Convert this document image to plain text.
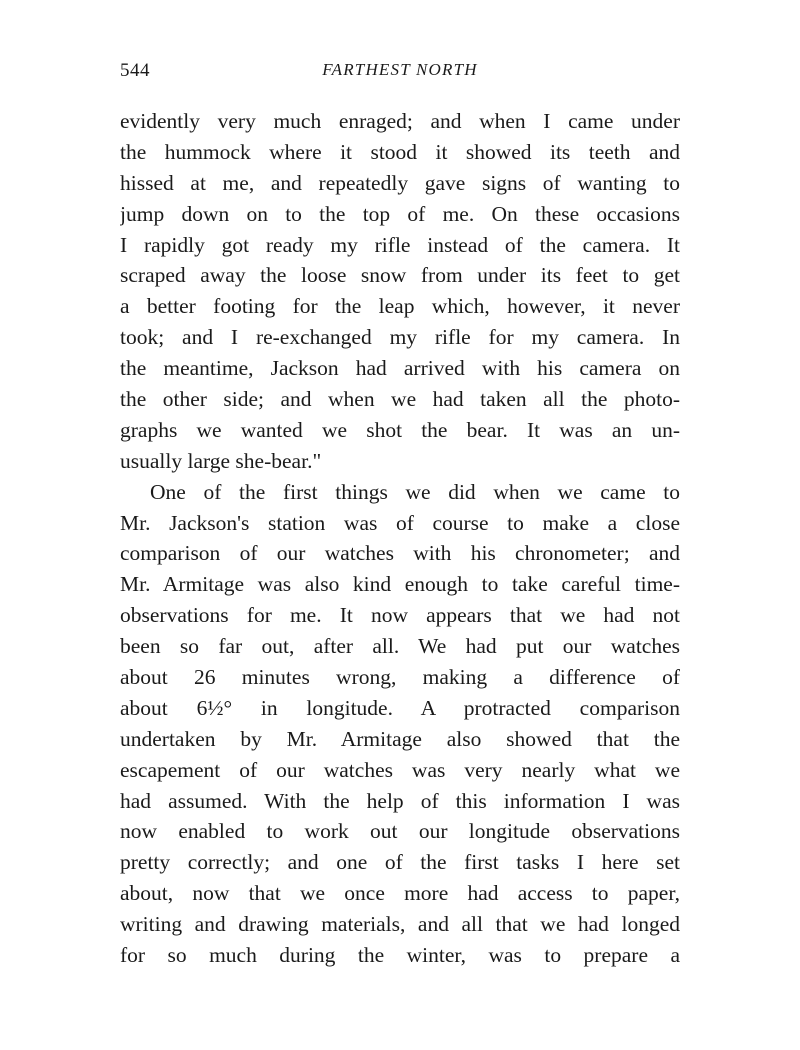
544	FARTHEST NORTH
evidently very much enraged; and when I came under
the hummock where it stood it showed its teeth and
hissed at me, and repeatedly gave signs of wanting to
jump down on to the top of me. On these occasions
I rapidly got ready my rifle instead of the camera. It
scraped away the loose snow from under its feet to get
a better footing for the leap which, however, it never
took; and I re-exchanged my rifle for my camera. In
the meantime, Jackson had arrived with his camera on
the other side; and when we had taken all the photo-
graphs we wanted we shot the bear. It was an un-
usually large she-bear."
One of the first things we did when we came to
Mr. Jackson's station was of course to make a close
comparison of our watches with his chronometer; and
Mr. Armitage was also kind enough to take careful time-
observations for me. It now appears that we had not
been so far out, after all. We had put our watches
about 26 minutes wrong, making a difference of
about 6½° in longitude. A protracted comparison
undertaken by Mr. Armitage also showed that the
escapement of our watches was very nearly what we
had assumed. With the help of this information I was
now enabled to work out our longitude observations
pretty correctly; and one of the first tasks I here set
about, now that we once more had access to paper,
writing and drawing materials, and all that we had longed
for so much during the winter, was to prepare a
